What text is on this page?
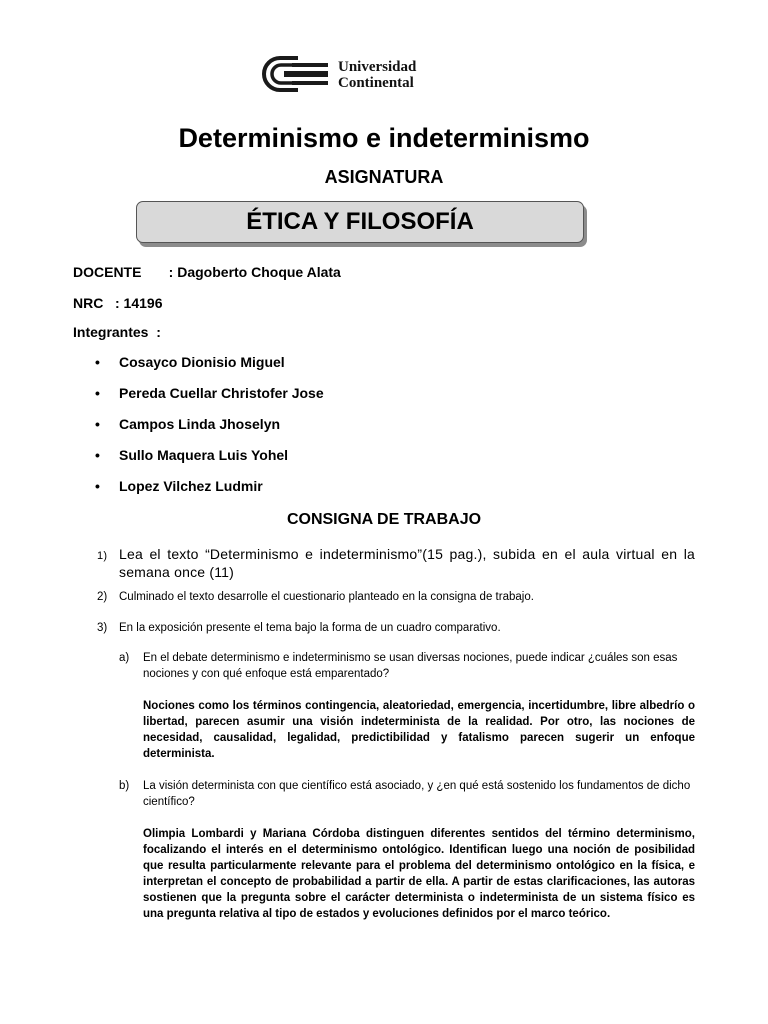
Universidad
Continental
Determinismo e indeterminismo
ASIGNATURA
ÉTICA Y FILOSOFÍA
DOCENTE       : Dagoberto Choque Alata
NRC   : 14196
Integrantes  :
• Cosayco Dionisio Miguel
• Pereda Cuellar Christofer Jose
• Campos Linda Jhoselyn
• Sullo Maquera Luis Yohel
• Lopez Vilchez Ludmir
CONSIGNA DE TRABAJO
1) Lea el texto “Determinismo e indeterminismo”(15 pag.), subida en el aula virtual en la semana once (11)
2) Culminado el texto desarrolle el cuestionario planteado en la consigna de trabajo.
3) En la exposición presente el tema bajo la forma de un cuadro comparativo.
a) En el debate determinismo e indeterminismo se usan diversas nociones, puede indicar ¿cuáles son esas nociones y con qué enfoque está emparentado?
Nociones como los términos contingencia, aleatoriedad, emergencia, incertidumbre, libre albedrío o libertad, parecen asumir una visión indeterminista de la realidad. Por otro, las nociones de necesidad, causalidad, legalidad, predictibilidad y fatalismo parecen sugerir un enfoque determinista.
b) La visión determinista con que científico está asociado, y ¿en qué está sostenido los fundamentos de dicho científico?
Olimpia Lombardi y Mariana Córdoba distinguen diferentes sentidos del término determinismo, focalizando el interés en el determinismo ontológico. Identifican luego una noción de posibilidad que resulta particularmente relevante para el problema del determinismo ontológico en la física, e interpretan el concepto de probabilidad a partir de ella. A partir de estas clarificaciones, las autoras sostienen que la pregunta sobre el carácter determinista o indeterminista de un sistema físico es una pregunta relativa al tipo de estados y evoluciones definidos por el marco teórico.
